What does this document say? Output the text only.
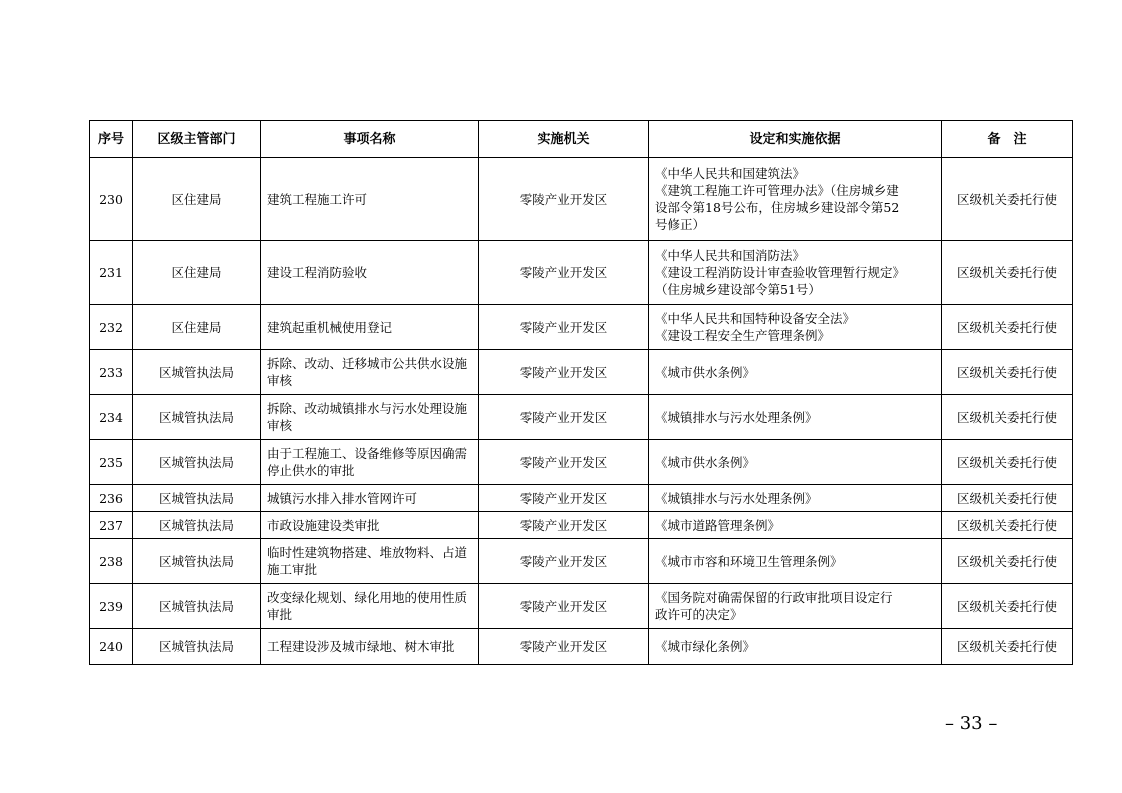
序号	区级主管部门	事项名称	实施机关	设定和实施依据	备　注
230	区住建局	建筑工程施工许可	零陵产业开发区	《中华人民共和国建筑法》
《建筑工程施工许可管理办法》（住房城乡建
设部令第18号公布，住房城乡建设部令第52
号修正）	区级机关委托行使
231	区住建局	建设工程消防验收	零陵产业开发区	《中华人民共和国消防法》
《建设工程消防设计审查验收管理暂行规定》
（住房城乡建设部令第51号）	区级机关委托行使
232	区住建局	建筑起重机械使用登记	零陵产业开发区	《中华人民共和国特种设备安全法》
《建设工程安全生产管理条例》	区级机关委托行使
233	区城管执法局	拆除、改动、迁移城市公共供水设施审核	零陵产业开发区	《城市供水条例》	区级机关委托行使
234	区城管执法局	拆除、改动城镇排水与污水处理设施审核	零陵产业开发区	《城镇排水与污水处理条例》	区级机关委托行使
235	区城管执法局	由于工程施工、设备维修等原因确需停止供水的审批	零陵产业开发区	《城市供水条例》	区级机关委托行使
236	区城管执法局	城镇污水排入排水管网许可	零陵产业开发区	《城镇排水与污水处理条例》	区级机关委托行使
237	区城管执法局	市政设施建设类审批	零陵产业开发区	《城市道路管理条例》	区级机关委托行使
238	区城管执法局	临时性建筑物搭建、堆放物料、占道施工审批	零陵产业开发区	《城市市容和环境卫生管理条例》	区级机关委托行使
239	区城管执法局	改变绿化规划、绿化用地的使用性质审批	零陵产业开发区	《国务院对确需保留的行政审批项目设定行
政许可的决定》	区级机关委托行使
240	区城管执法局	工程建设涉及城市绿地、树木审批	零陵产业开发区	《城市绿化条例》	区级机关委托行使
– 33 –
